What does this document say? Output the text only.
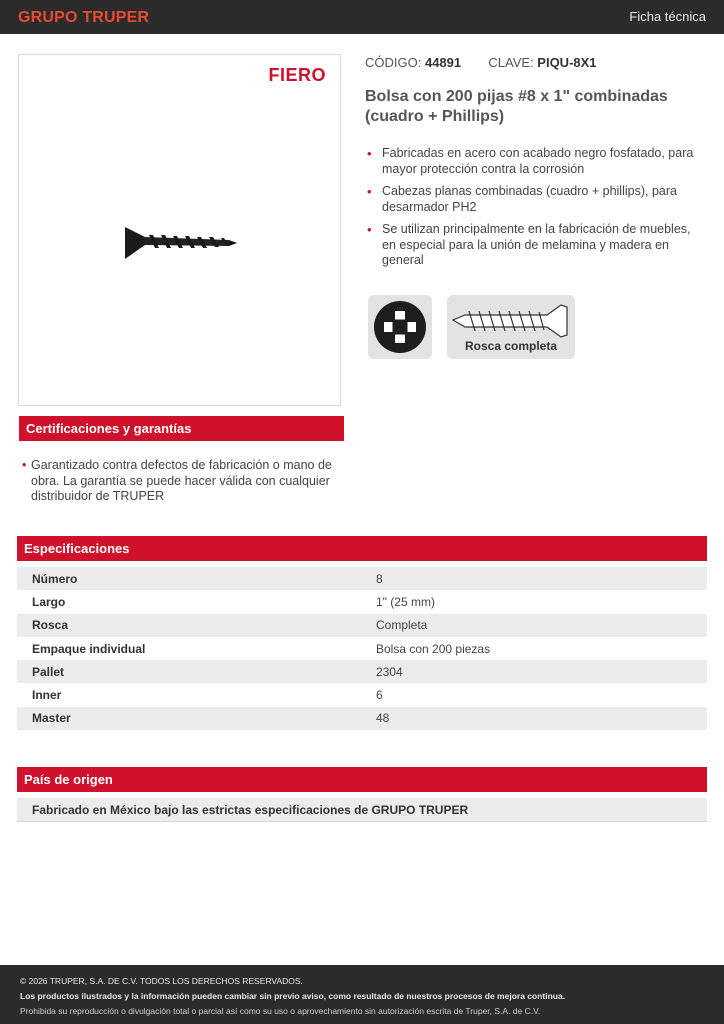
GRUPO TRUPER	Ficha técnica
FIERO
CÓDIGO: 44891 CLAVE: PIQU-8X1
Bolsa con 200 pijas #8 x 1" combinadas (cuadro + Phillips)
• Fabricadas en acero con acabado negro fosfatado, para mayor protección contra la corrosión
• Cabezas planas combinadas (cuadro + phillips), para desarmador PH2
• Se utilizan principalmente en la fabricación de muebles, en especial para la unión de melamina y madera en general
Rosca completa
Certificaciones y garantías
• Garantizado contra defectos de fabricación o mano de obra. La garantía se puede hacer válida con cualquier distribuidor de TRUPER
Especificaciones
Número	8
Largo	1" (25 mm)
Rosca	Completa
Empaque individual	Bolsa con 200 piezas
Pallet	2304
Inner	6
Master	48
País de origen
Fabricado en México bajo las estrictas especificaciones de GRUPO TRUPER
© 2026 TRUPER, S.A. DE C.V. TODOS LOS DERECHOS RESERVADOS.
Los productos ilustrados y la información pueden cambiar sin previo aviso, como resultado de nuestros procesos de mejora continua.
Prohibida su reproducción o divulgación total o parcial así como su uso o aprovechamiento sin autorización escrita de Truper, S.A. de C.V.
